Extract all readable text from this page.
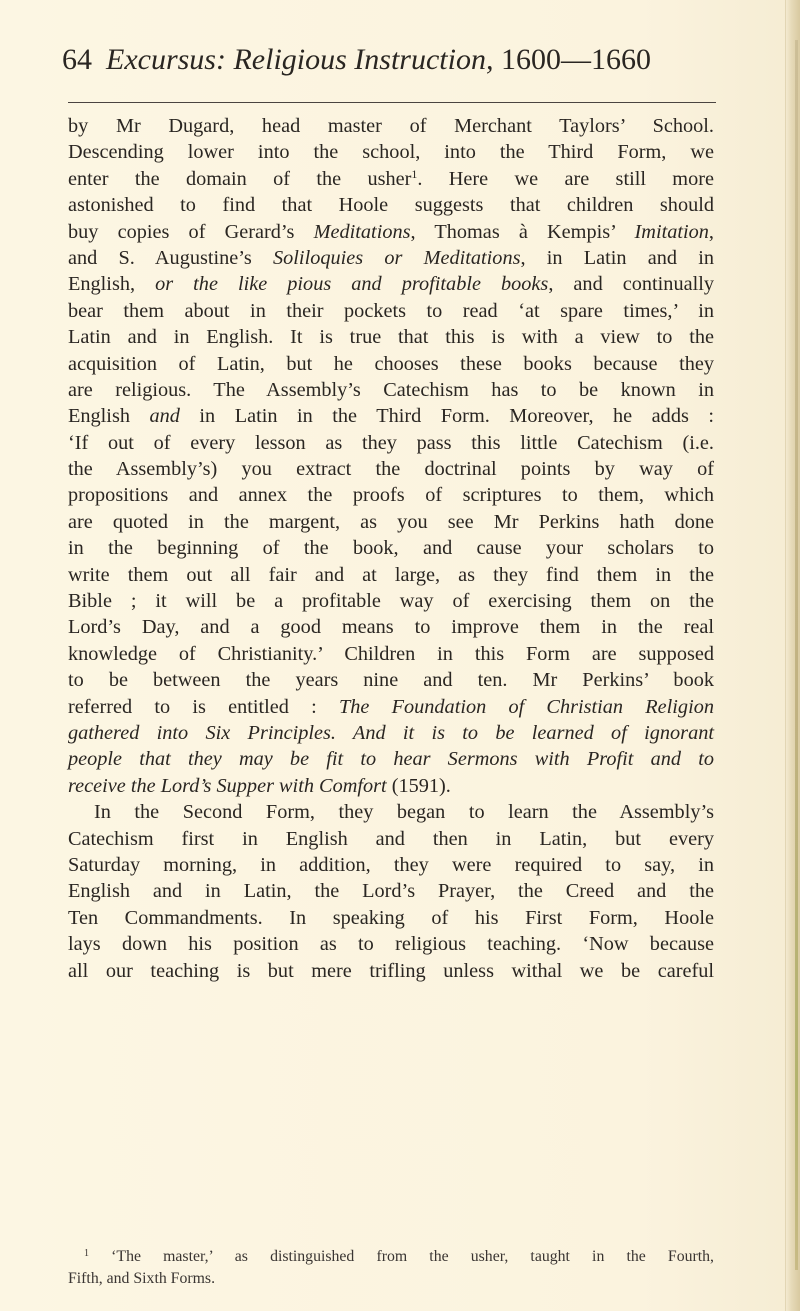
64 Excursus: Religious Instruction, 1600—1660
by Mr Dugard, head master of Merchant Taylors’ School.
Descending lower into the school, into the Third Form, we
enter the domain of the usher$^1$. Here we are still more
astonished to find that Hoole suggests that children should
buy copies of Gerard’s Meditations, Thomas à Kempis’ Imitation,
and S. Augustine’s Soliloquies or Meditations, in Latin and in
English, or the like pious and profitable books, and continually
bear them about in their pockets to read ‘at spare times,’ in
Latin and in English. It is true that this is with a view to the
acquisition of Latin, but he chooses these books because they
are religious. The Assembly’s Catechism has to be known in
English and in Latin in the Third Form. Moreover, he adds :
‘If out of every lesson as they pass this little Catechism (i.e.
the Assembly’s) you extract the doctrinal points by way of
propositions and annex the proofs of scriptures to them, which
are quoted in the margent, as you see Mr Perkins hath done
in the beginning of the book, and cause your scholars to
write them out all fair and at large, as they find them in the
Bible ; it will be a profitable way of exercising them on the
Lord’s Day, and a good means to improve them in the real
knowledge of Christianity.’ Children in this Form are supposed
to be between the years nine and ten. Mr Perkins’ book
referred to is entitled : The Foundation of Christian Religion
gathered into Six Principles. And it is to be learned of ignorant
people that they may be fit to hear Sermons with Profit and to
receive the Lord’s Supper with Comfort (1591).
In the Second Form, they began to learn the Assembly’s
Catechism first in English and then in Latin, but every
Saturday morning, in addition, they were required to say, in
English and in Latin, the Lord’s Prayer, the Creed and the
Ten Commandments. In speaking of his First Form, Hoole
lays down his position as to religious teaching. ‘Now because
all our teaching is but mere trifling unless withal we be careful
$^1$ ‘The master,’ as distinguished from the usher, taught in the Fourth,
Fifth, and Sixth Forms.
